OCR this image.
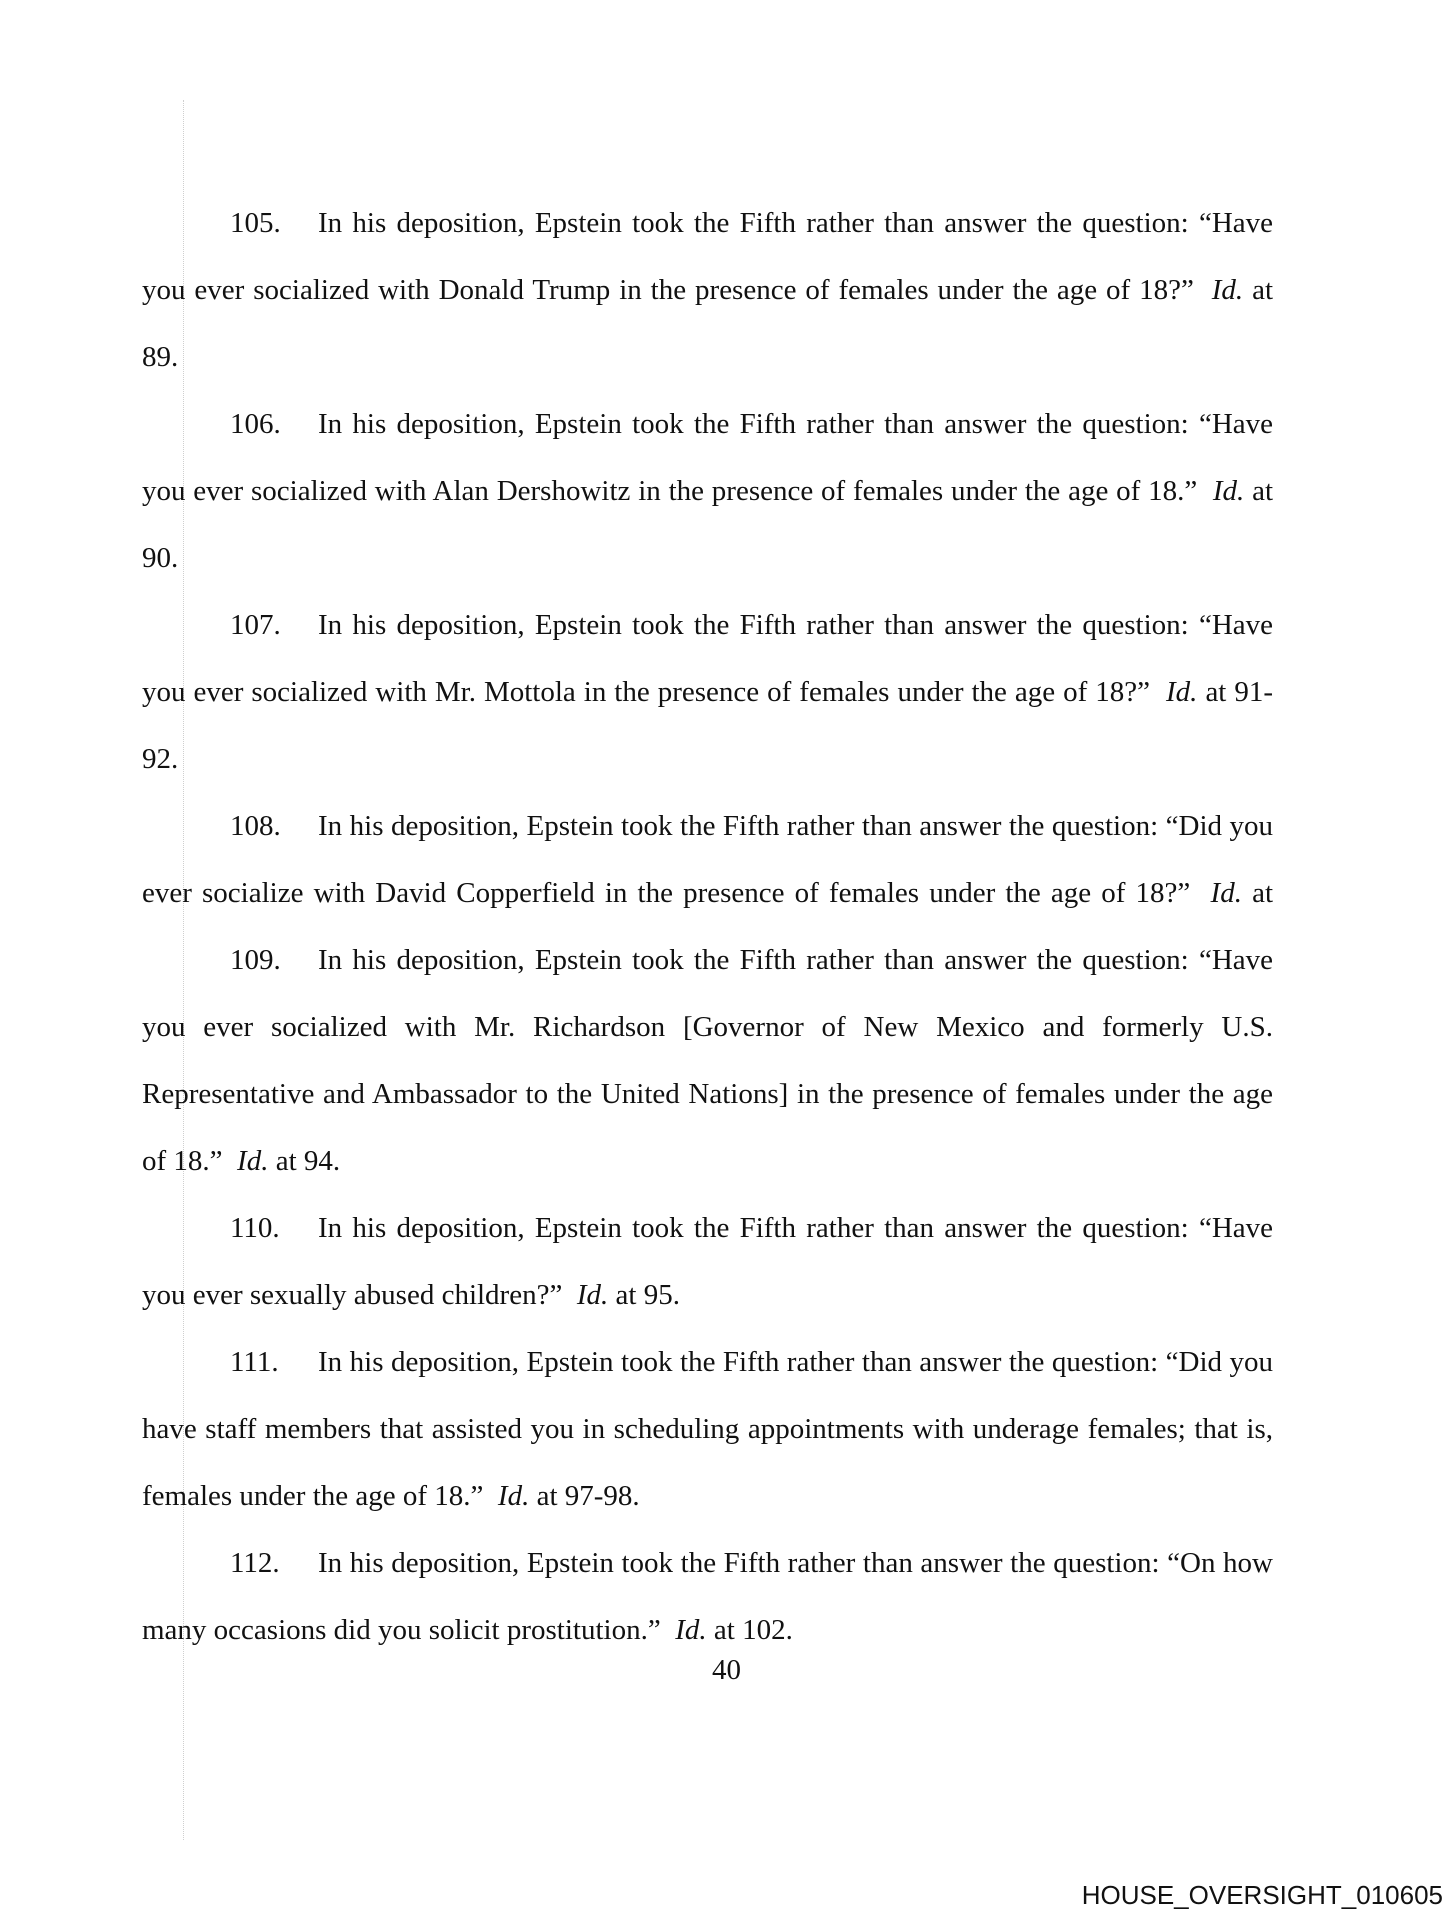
105. In his deposition, Epstein took the Fifth rather than answer the question: “Have
you ever socialized with Donald Trump in the presence of females under the age of 18?” Id. at
89.
106. In his deposition, Epstein took the Fifth rather than answer the question: “Have
you ever socialized with Alan Dershowitz in the presence of females under the age of 18.” Id. at
90.
107. In his deposition, Epstein took the Fifth rather than answer the question: “Have
you ever socialized with Mr. Mottola in the presence of females under the age of 18?” Id. at 91-
92.
108. In his deposition, Epstein took the Fifth rather than answer the question: “Did you
ever socialize with David Copperfield in the presence of females under the age of 18?” Id. at
109. In his deposition, Epstein took the Fifth rather than answer the question: “Have
you ever socialized with Mr. Richardson [Governor of New Mexico and formerly U.S.
Representative and Ambassador to the United Nations] in the presence of females under the age
of 18.” Id. at 94.
110. In his deposition, Epstein took the Fifth rather than answer the question: “Have
you ever sexually abused children?” Id. at 95.
111. In his deposition, Epstein took the Fifth rather than answer the question: “Did you
have staff members that assisted you in scheduling appointments with underage females; that is,
females under the age of 18.” Id. at 97-98.
112. In his deposition, Epstein took the Fifth rather than answer the question: “On how
many occasions did you solicit prostitution.” Id. at 102.
40
HOUSE_OVERSIGHT_010605
